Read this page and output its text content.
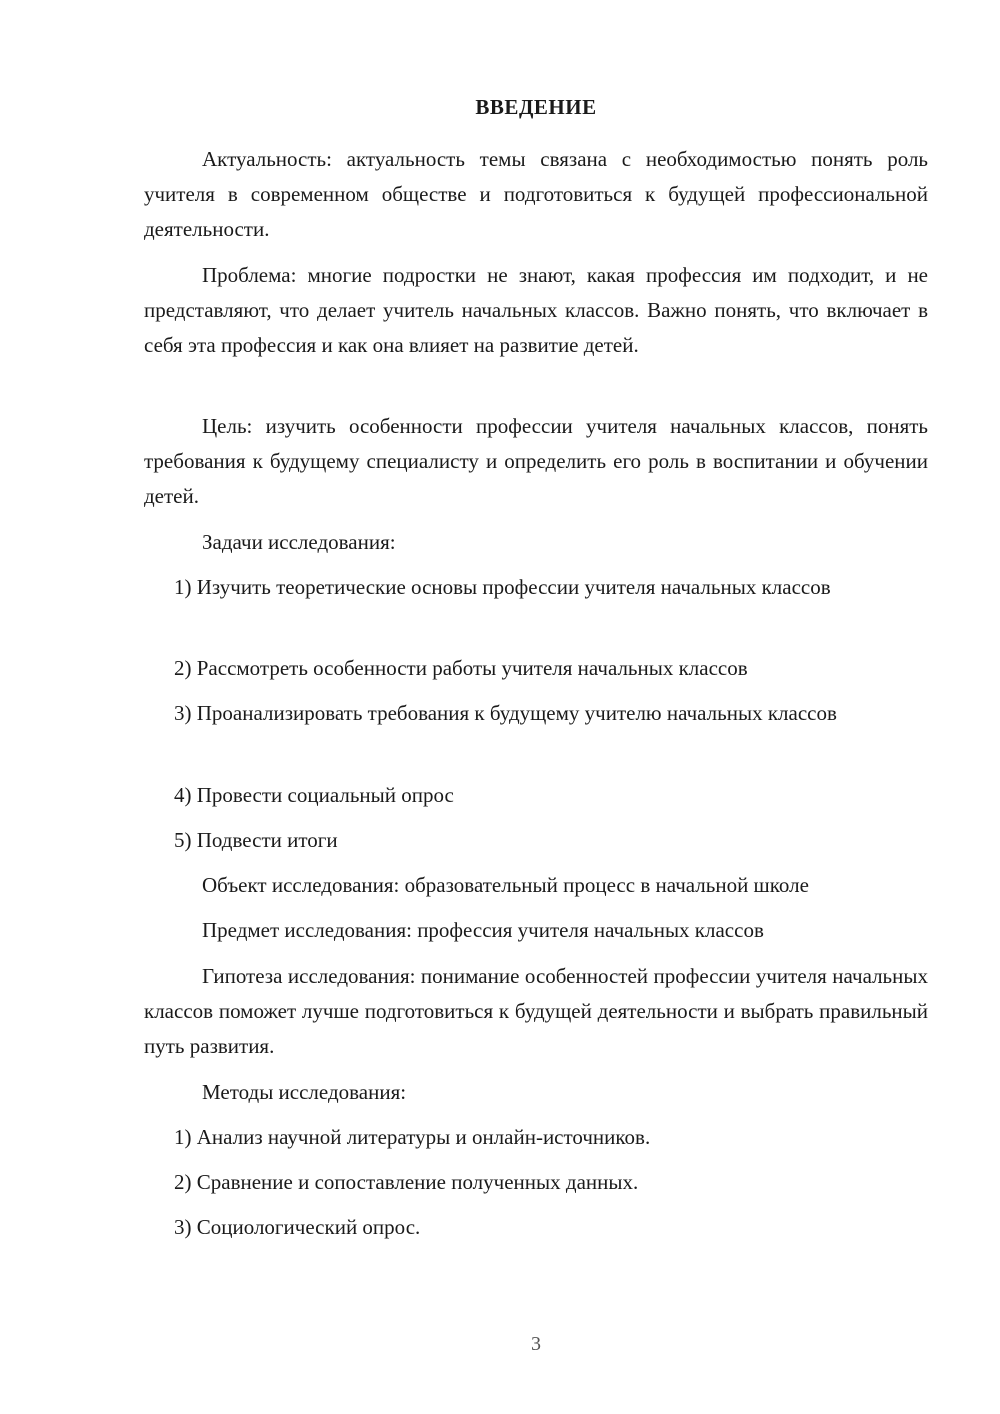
ВВЕДЕНИЕ
Актуальность: актуальность темы связана с необходимостью понять роль учителя в современном обществе и подготовиться к будущей профессиональной деятельности.
Проблема: многие подростки не знают, какая профессия им подходит, и не представляют, что делает учитель начальных классов. Важно понять, что включает в себя эта профессия и как она влияет на развитие детей.
Цель: изучить особенности профессии учителя начальных классов, понять требования к будущему специалисту и определить его роль в воспитании и обучении детей.
Задачи исследования:
1) Изучить теоретические основы профессии учителя начальных классов
2) Рассмотреть особенности работы учителя начальных классов
3) Проанализировать требования к будущему учителю начальных классов
4) Провести социальный опрос
5) Подвести итоги
Объект исследования: образовательный процесс в начальной школе
Предмет исследования: профессия учителя начальных классов
Гипотеза исследования: понимание особенностей профессии учителя начальных классов поможет лучше подготовиться к будущей деятельности и выбрать правильный путь развития.
Методы исследования:
1) Анализ научной литературы и онлайн-источников.
2) Сравнение и сопоставление полученных данных.
3) Социологический опрос.
3
